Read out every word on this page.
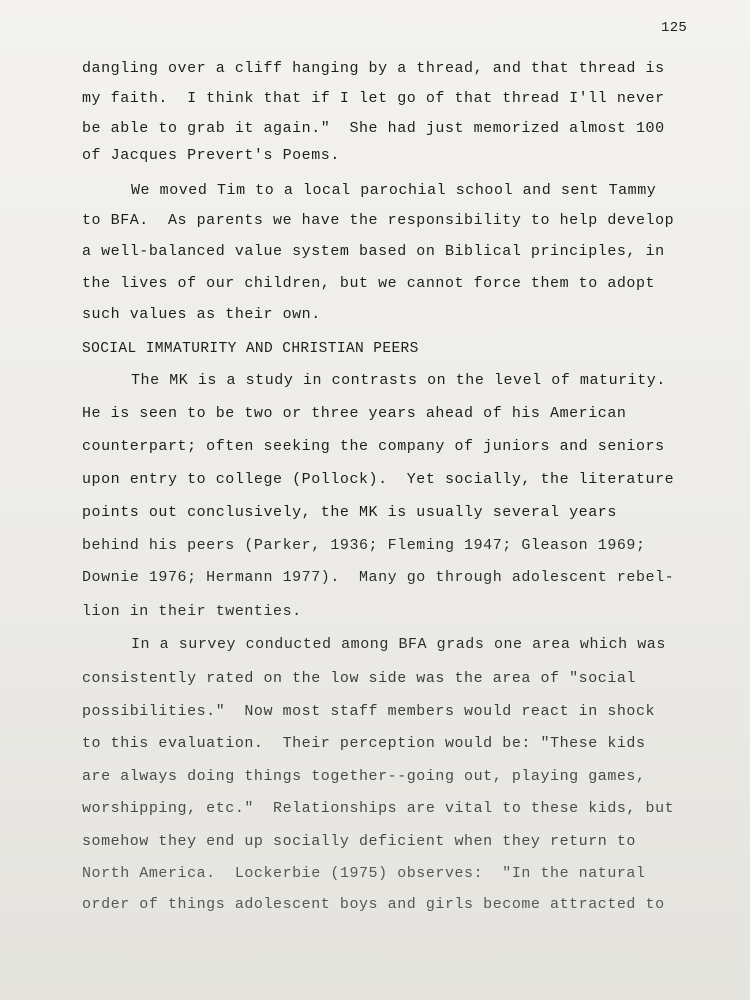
125
dangling over a cliff hanging by a thread, and that thread is
my faith.  I think that if I let go of that thread I'll never
be able to grab it again."  She had just memorized almost 100
of Jacques Prevert's Poems.
We moved Tim to a local parochial school and sent Tammy
to BFA.  As parents we have the responsibility to help develop
a well-balanced value system based on Biblical principles, in
the lives of our children, but we cannot force them to adopt
such values as their own.
SOCIAL IMMATURITY AND CHRISTIAN PEERS
The MK is a study in contrasts on the level of maturity.
He is seen to be two or three years ahead of his American
counterpart; often seeking the company of juniors and seniors
upon entry to college (Pollock).  Yet socially, the literature
points out conclusively, the MK is usually several years
behind his peers (Parker, 1936; Fleming 1947; Gleason 1969;
Downie 1976; Hermann 1977).  Many go through adolescent rebel-
lion in their twenties.
In a survey conducted among BFA grads one area which was
consistently rated on the low side was the area of "social
possibilities."  Now most staff members would react in shock
to this evaluation.  Their perception would be: "These kids
are always doing things together--going out, playing games,
worshipping, etc."  Relationships are vital to these kids, but
somehow they end up socially deficient when they return to
North America.  Lockerbie (1975) observes:  "In the natural
order of things adolescent boys and girls become attracted to
